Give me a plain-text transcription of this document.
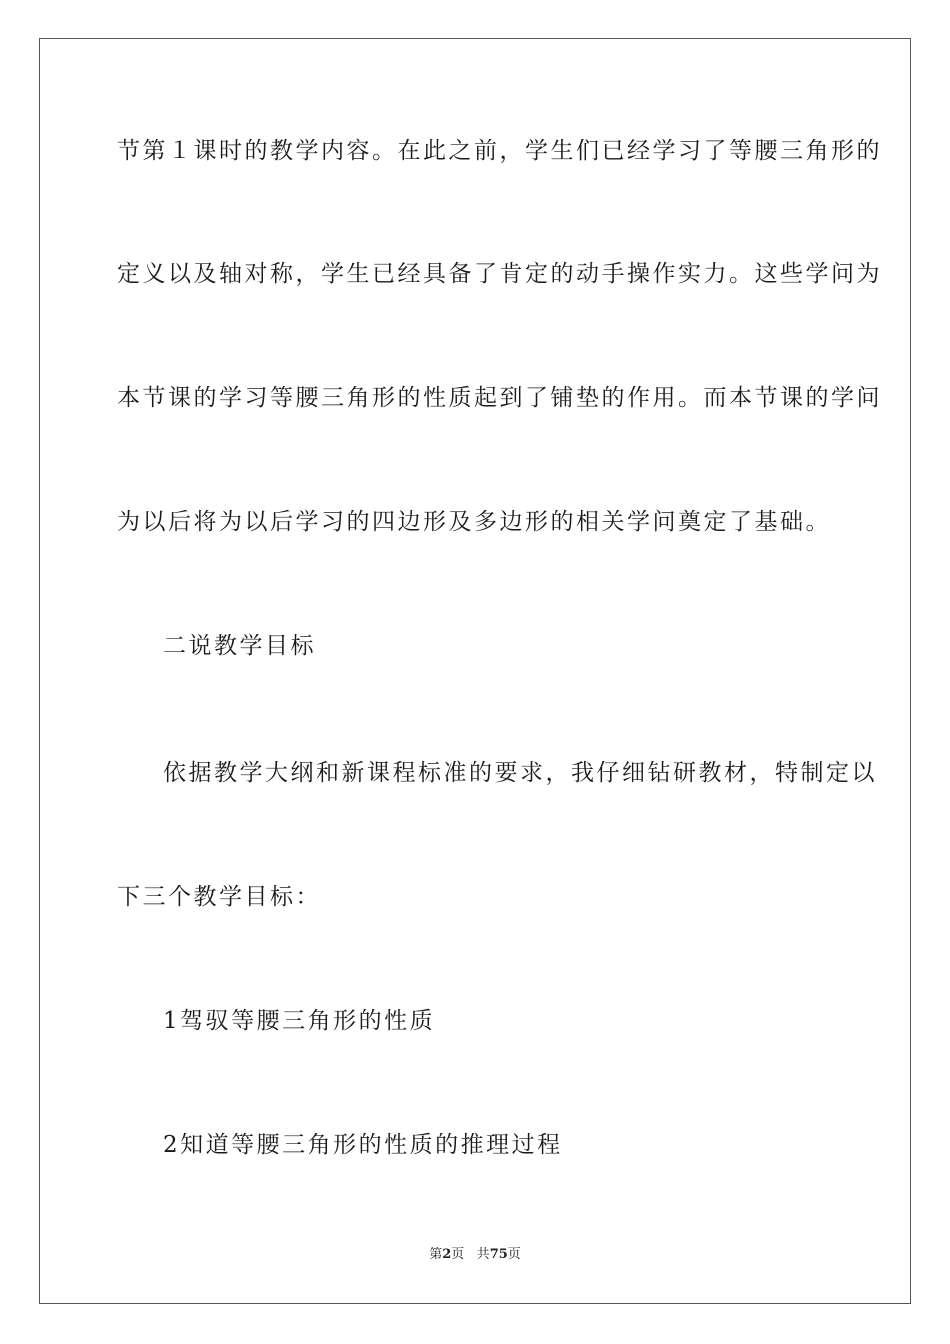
节第１课时的教学内容。在此之前，学生们已经学习了等腰三角形的
定义以及轴对称，学生已经具备了肯定的动手操作实力。这些学问为
本节课的学习等腰三角形的性质起到了铺垫的作用。而本节课的学问
为以后将为以后学习的四边形及多边形的相关学问奠定了基础。
二说教学目标
依据教学大纲和新课程标准的要求，我仔细钻研教材，特制定以
下三个教学目标：
1驾驭等腰三角形的性质
2知道等腰三角形的性质的推理过程
第2页 共75页
